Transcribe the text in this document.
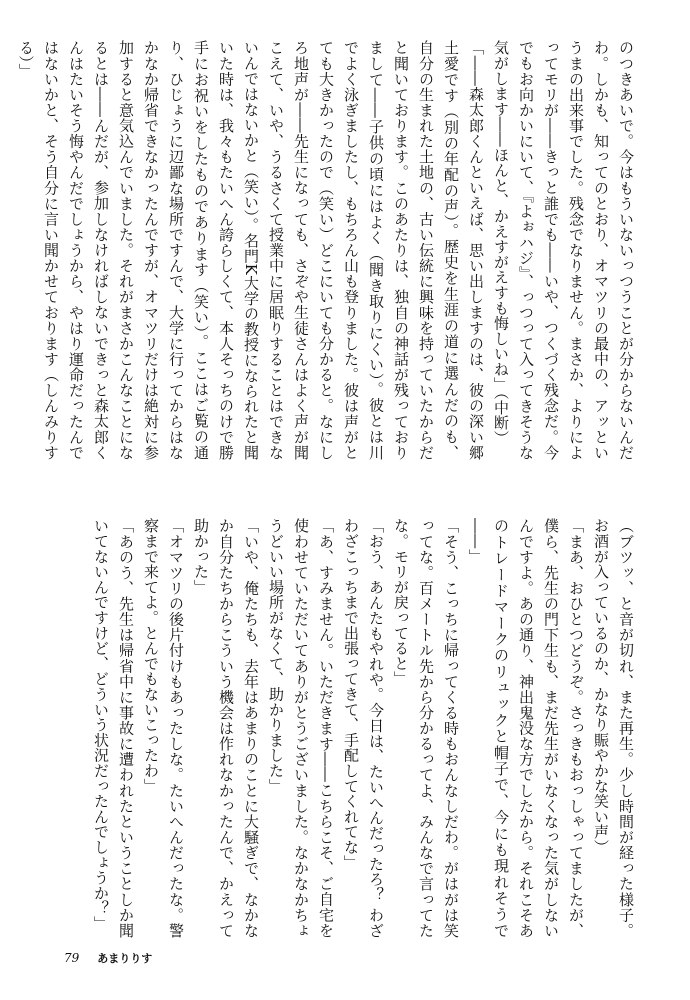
のつきあいで。今はもういないっつうことが分からないんだわ。しかも、知ってのとおり、オマツリの最中の、アッというまの出来事でした。残念でなりません。まさか、よりによってモリが――きっと誰でも――いや、つくづく残念だ。今でもお向かいにいて、『よぉハジ』、っつって入ってきそうな気がします――ほんと、かえすがえすも悔しいね」（中断）

「――森太郎くんといえば、思い出しますのは、彼の深い郷土愛です（別の年配の声）。歴史を生涯の道に選んだのも、自分の生まれた土地の、古い伝統に興味を持っていたからだと聞いております。このあたりは、独自の神話が残っておりまして――子供の頃にはよく（聞き取りにくい）。彼とは川でよく泳ぎましたし、もちろん山も登りました。彼は声がとても大きかったので（笑い）どこにいても分かると。なにしろ地声が――先生になっても、さぞや生徒さんはよく声が聞こえて、いや、うるさくて授業中に居眠りすることはできないんではないかと（笑い）。名門K大学の教授になられたと聞いた時は、我々もたいへん誇らしくて、本人そっちのけで勝手にお祝いをしたものであります（笑い）。ここはご覧の通り、ひじょうに辺鄙な場所ですんで、大学に行ってからはなかなか帰省できなかったんですが、オマツリだけは絶対に参加すると意気込んでいました。それがまさかこんなことになるとは――んだが、参加しなければしないできっと森太郎くんはたいそう悔やんだでしょうから、やはり運命だったんではないかと、そう自分に言い聞かせております（しんみりする）」

（ブツッ、と音が切れ、また再生。少し時間が経った様子。お酒が入っているのか、かなり賑やかな笑い声）

「まあ、おひとつどうぞ。さっきもおっしゃってましたが、僕ら、先生の門下生も、まだ先生がいなくなった気がしないんですよ。あの通り、神出鬼没な方でしたから。それこそあのトレードマークのリュックと帽子で、今にも現れそうで――」

「そう、こっちに帰ってくる時もおんなしだわ。がはがは笑ってな。百メートル先から分かるってよ、みんなで言ってたな。モリが戻ってると」

「おう、あんたもやれや。今日は、たいへんだったろ？ わざわざこっちまで出張ってきて、手配してくれてな」

「あ、すみません。いただきます――こちらこそ、ご自宅を使わせていただいてありがとうございました。なかなかちょうどいい場所がなくて、助かりました」

「いや、俺たちも、去年はあまりのことに大騒ぎで、なかなか自分たちからこういう機会は作れなかったんで、かえって助かった」

「オマツリの後片付けもあったしな。たいへんだったな。警察まで来てよ。とんでもないこったわ」

「あのう、先生は帰省中に事故に遭われたということしか聞いてないんですけど、どういう状況だったんでしょうか？」

79 あまりりす
